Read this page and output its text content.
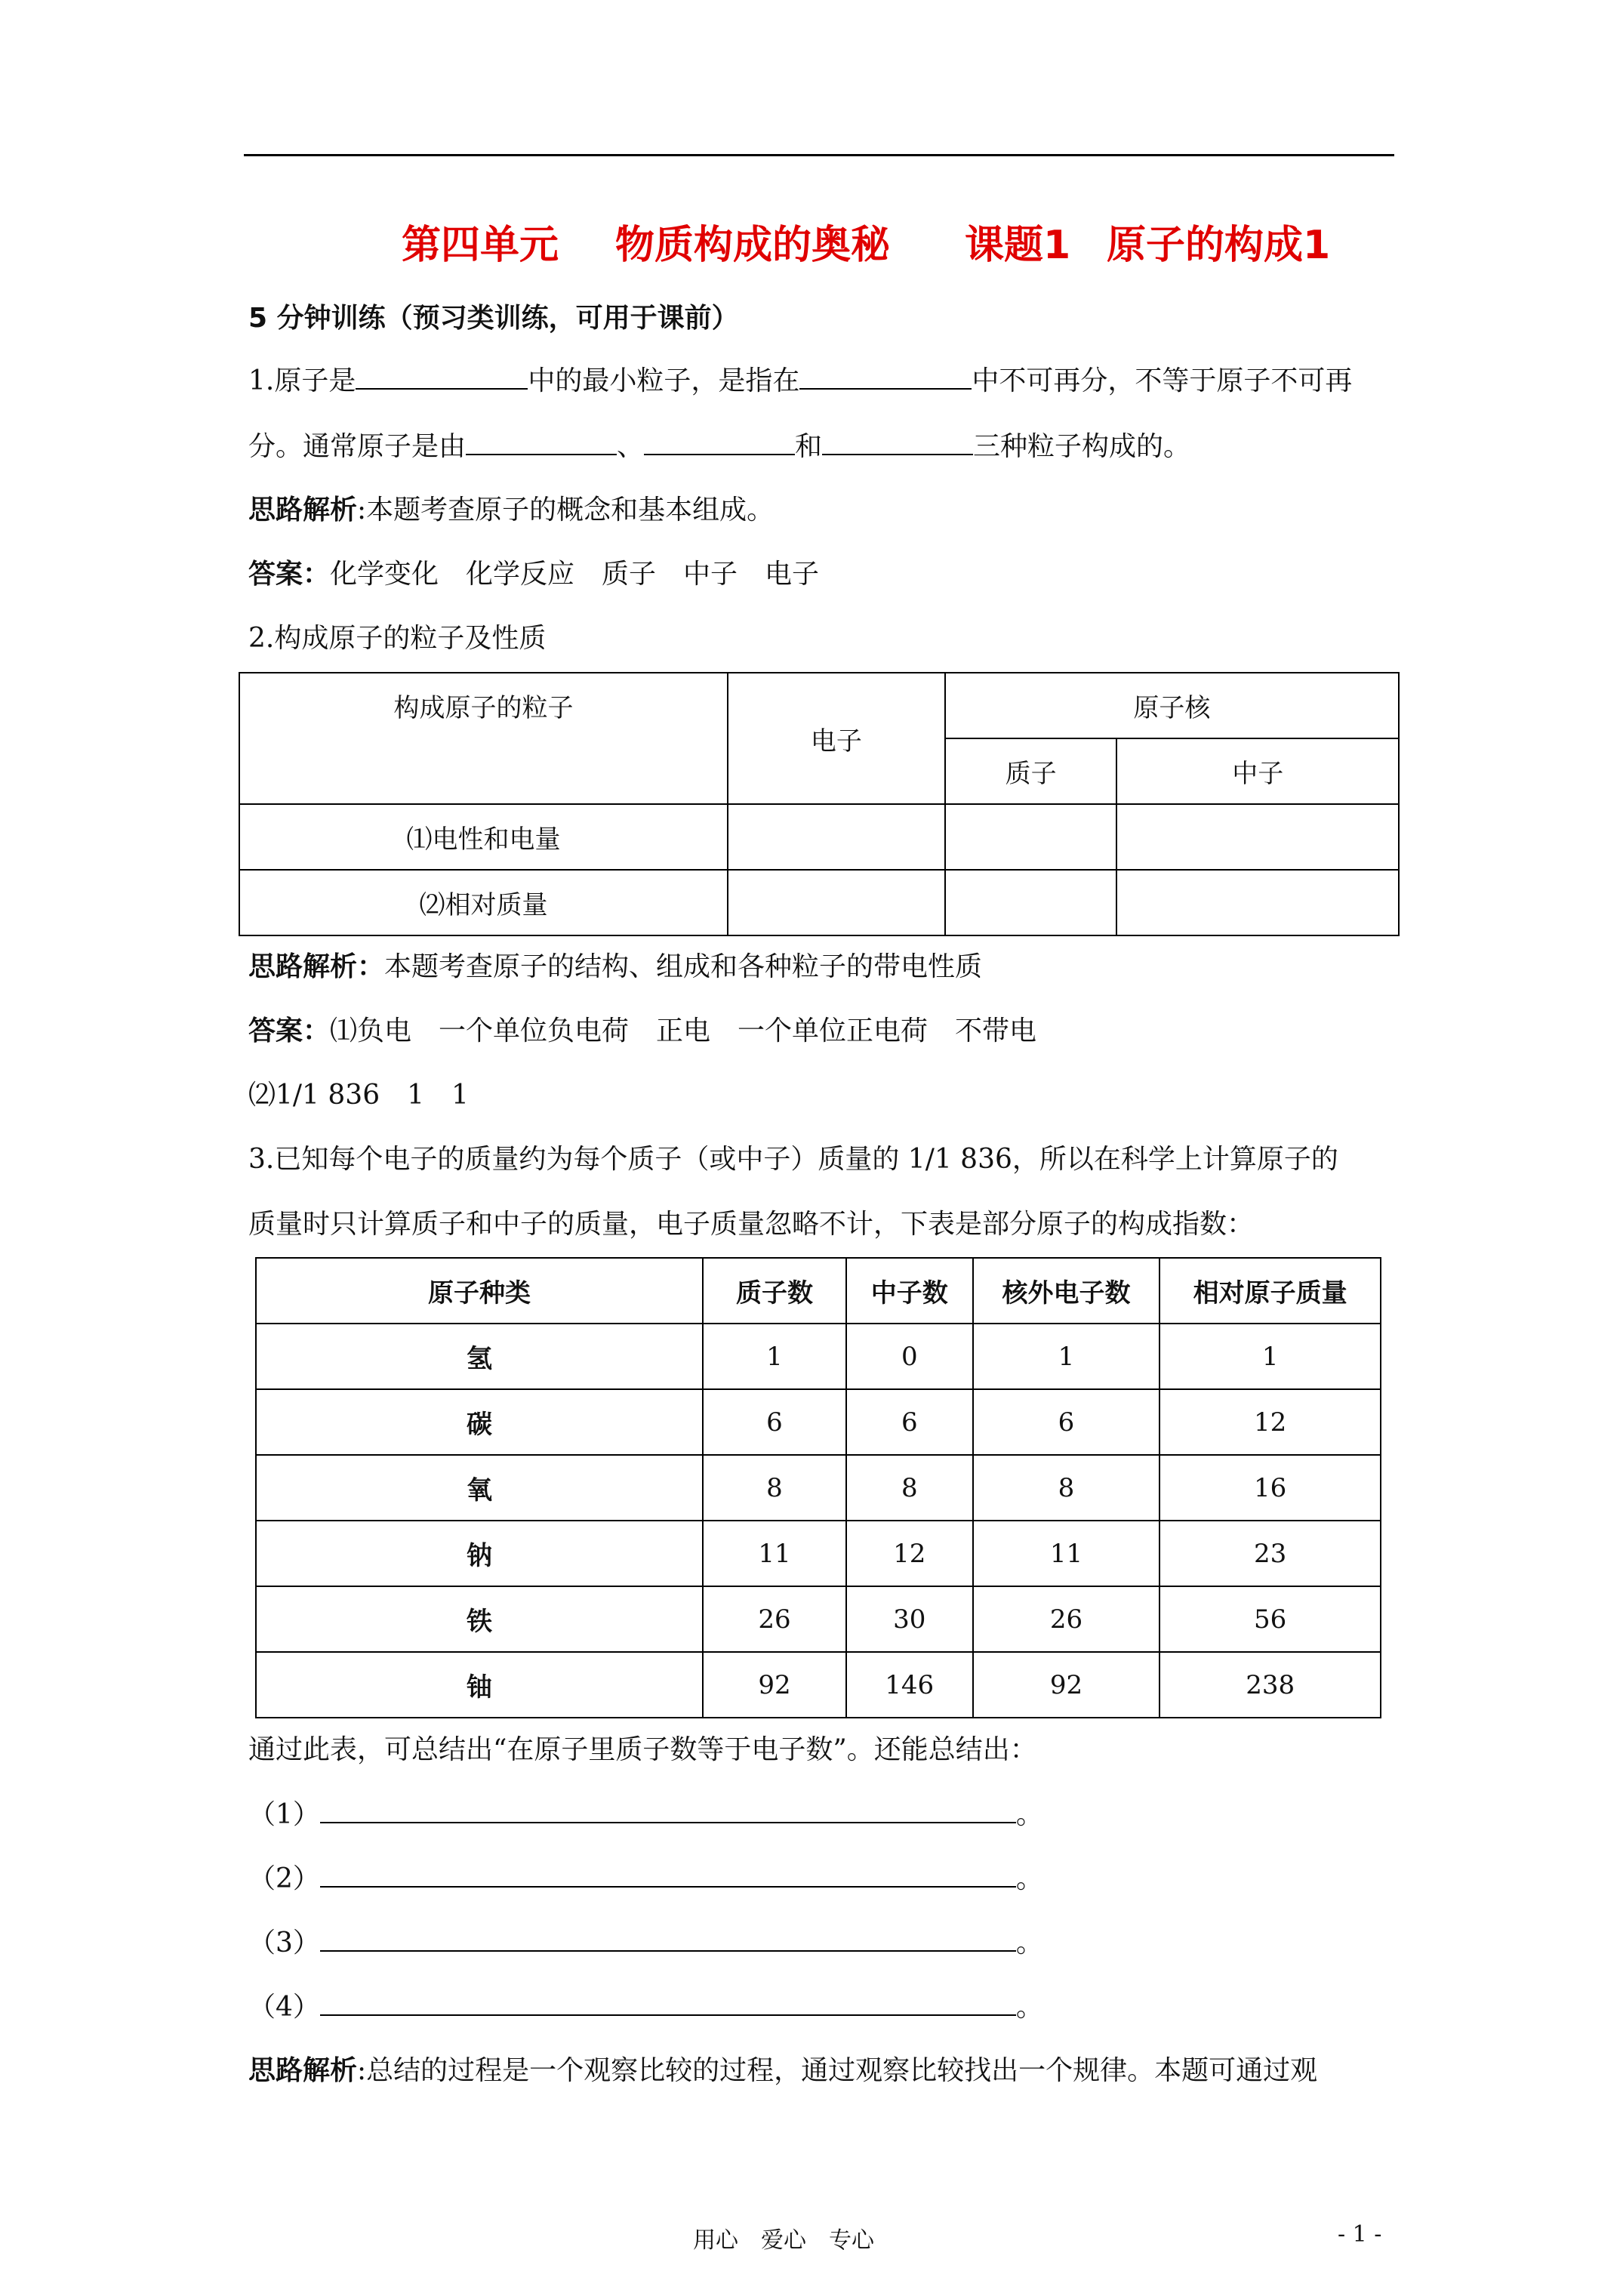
第四单元

物质构成的奥秘

课题1

原子的构成1

5 分钟训练（预习类训练，可用于课前）
1.原子是	中的最小粒子，是指在	中不可再分，不等于原子不可再
分。通常原子是由	、	和	三种粒子构成的。
思路解析:本题考查原子的概念和基本组成。
答案：化学变化　化学反应　质子　中子　电子
2.构成原子的粒子及性质
构成原子的粒子	电子	原子核	
		质子	中子
⑴电性和电量			
⑵相对质量			
思路解析：本题考查原子的结构、组成和各种粒子的带电性质
答案：⑴负电　一个单位负电荷　正电　一个单位正电荷　不带电
⑵1/1 836　1　1
3.已知每个电子的质量约为每个质子（或中子）质量的 1/1 836，所以在科学上计算原子的
质量时只计算质子和中子的质量，电子质量忽略不计，下表是部分原子的构成指数：
原子种类	质子数	中子数	核外电子数	相对原子质量
氢	1	0	1	1
碳	6	6	6	12
氧	8	8	8	16
钠	11	12	11	23
铁	26	30	26	56
铀	92	146	92	238
通过此表，可总结出“在原子里质子数等于电子数”。还能总结出：
（1）	。
（2）	。
（3）	。
（4）	。
思路解析:总结的过程是一个观察比较的过程，通过观察比较找出一个规律。本题可通过观
用心　爱心　专心	- 1 -
